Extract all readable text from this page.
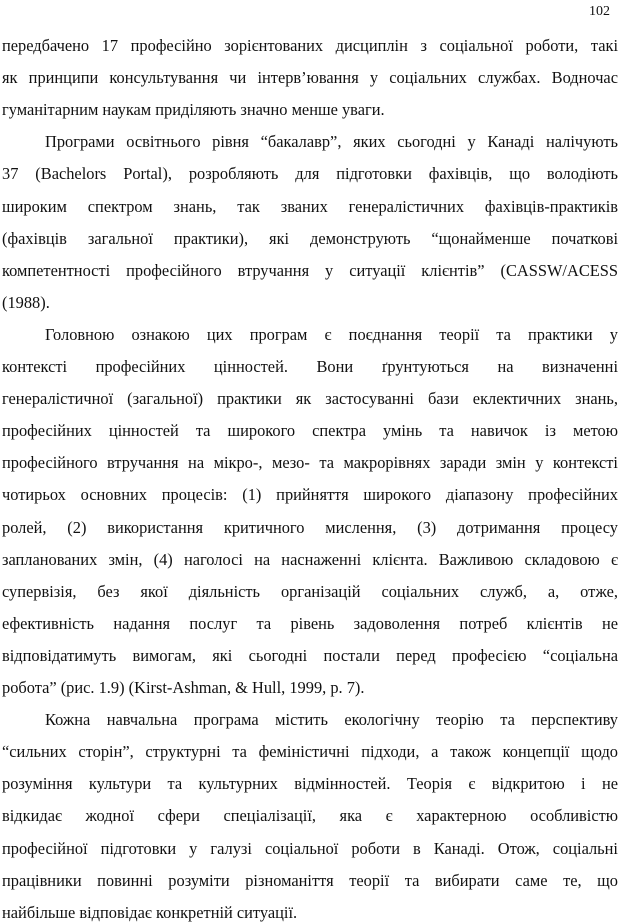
102
передбачено 17 професійно зорієнтованих дисциплін з соціальної роботи, такі
як принципи консультування чи інтерв’ювання у соціальних службах. Водночас
гуманітарним наукам приділяють значно менше уваги.
Програми освітнього рівня “бакалавр”, яких сьогодні у Канаді налічують
37 (Bachelors Portal), розробляють для підготовки фахівців, що володіють
широким спектром знань, так званих генералістичних фахівців-практиків
(фахівців загальної практики), які демонструють “щонайменше початкові
компетентності професійного втручання у ситуації клієнтів” (CASSW/ACESS
(1988).
Головною ознакою цих програм є поєднання теорії та практики у
контексті професійних цінностей. Вони ґрунтуються на визначенні
генералістичної (загальної) практики як застосуванні бази еклектичних знань,
професійних цінностей та широкого спектра умінь та навичок із метою
професійного втручання на мікро-, мезо- та макрорівнях заради змін у контексті
чотирьох основних процесів: (1) прийняття широкого діапазону професійних
ролей, (2) використання критичного мислення, (3) дотримання процесу
запланованих змін, (4) наголосі на наснаженні клієнта. Важливою складовою є
супервізія, без якої діяльність організацій соціальних служб, а, отже,
ефективність надання послуг та рівень задоволення потреб клієнтів не
відповідатимуть вимогам, які сьогодні постали перед професією “соціальна
робота” (рис. 1.9) (Kirst-Ashman, & Hull, 1999, p. 7).
Кожна навчальна програма містить екологічну теорію та перспективу
“сильних сторін”, структурні та феміністичні підходи, а також концепції щодо
розуміння культури та культурних відмінностей. Теорія є відкритою і не
відкидає жодної сфери спеціалізації, яка є характерною особливістю
професійної підготовки у галузі соціальної роботи в Канаді. Отож, соціальні
працівники повинні розуміти різноманіття теорії та вибирати саме те, що
найбільше відповідає конкретній ситуації.
